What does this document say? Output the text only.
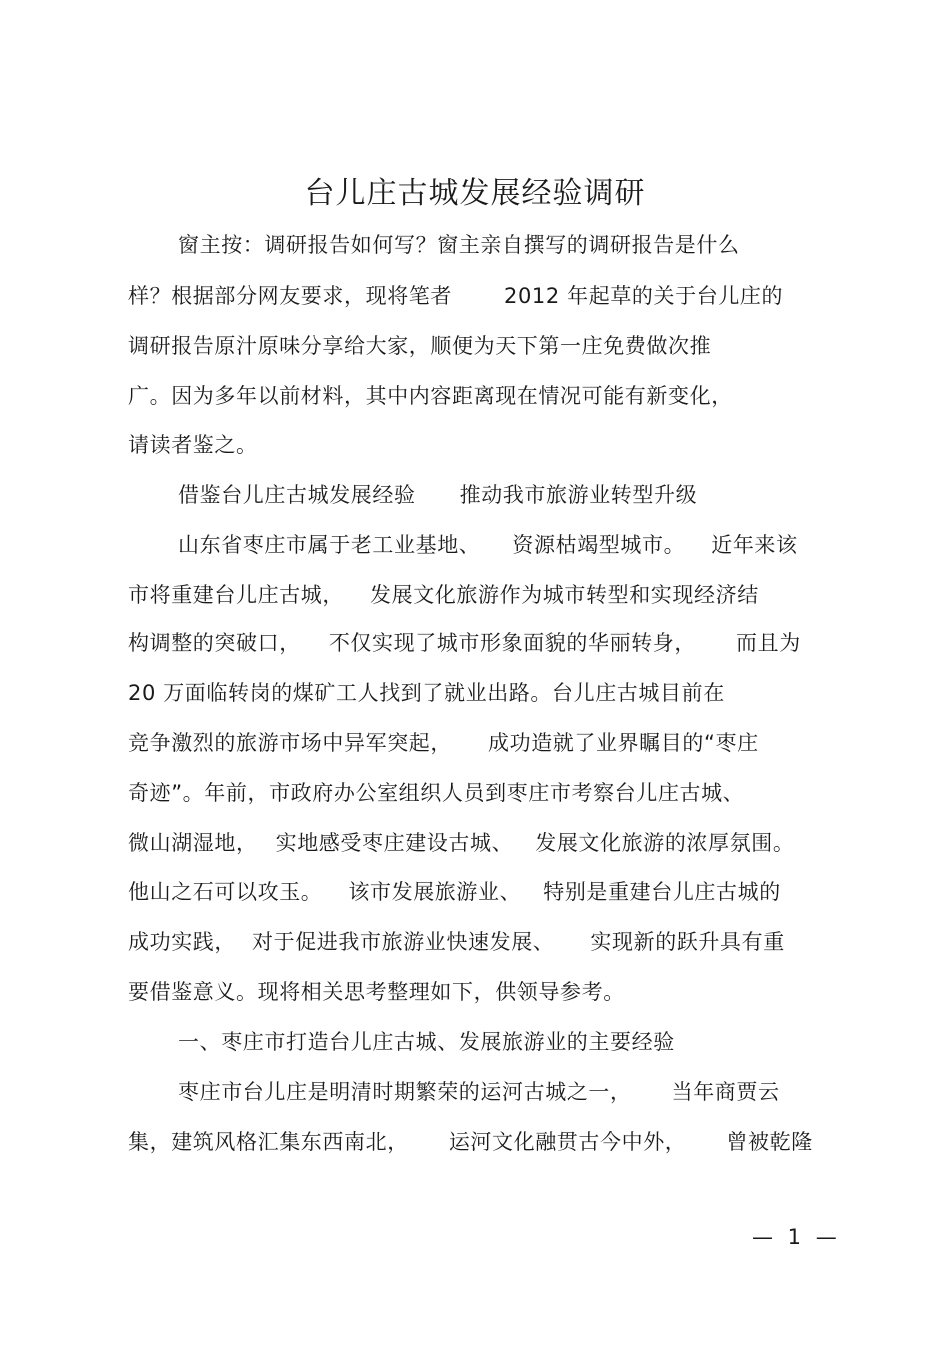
台儿庄古城发展经验调研
窗主按：调研报告如何写？窗主亲自撰写的调研报告是什么
样？根据部分网友要求，现将笔者 2012 年起草的关于台儿庄的
调研报告原汁原味分享给大家，顺便为天下第一庄免费做次推
广。因为多年以前材料，其中内容距离现在情况可能有新变化，
请读者鉴之。
借鉴台儿庄古城发展经验 推动我市旅游业转型升级
山东省枣庄市属于老工业基地、 资源枯竭型城市。 近年来该
市将重建台儿庄古城， 发展文化旅游作为城市转型和实现经济结
构调整的突破口， 不仅实现了城市形象面貌的华丽转身， 而且为
20 万面临转岗的煤矿工人找到了就业出路。台儿庄古城目前在
竞争激烈的旅游市场中异军突起， 成功造就了业界瞩目的“枣庄
奇迹”。年前，市政府办公室组织人员到枣庄市考察台儿庄古城、
微山湖湿地， 实地感受枣庄建设古城、 发展文化旅游的浓厚氛围。
他山之石可以攻玉。 该市发展旅游业、 特别是重建台儿庄古城的
成功实践， 对于促进我市旅游业快速发展、 实现新的跃升具有重
要借鉴意义。现将相关思考整理如下，供领导参考。
一、枣庄市打造台儿庄古城、发展旅游业的主要经验
枣庄市台儿庄是明清时期繁荣的运河古城之一， 当年商贾云
集，建筑风格汇集东西南北， 运河文化融贯古今中外， 曾被乾隆
— 1 —
